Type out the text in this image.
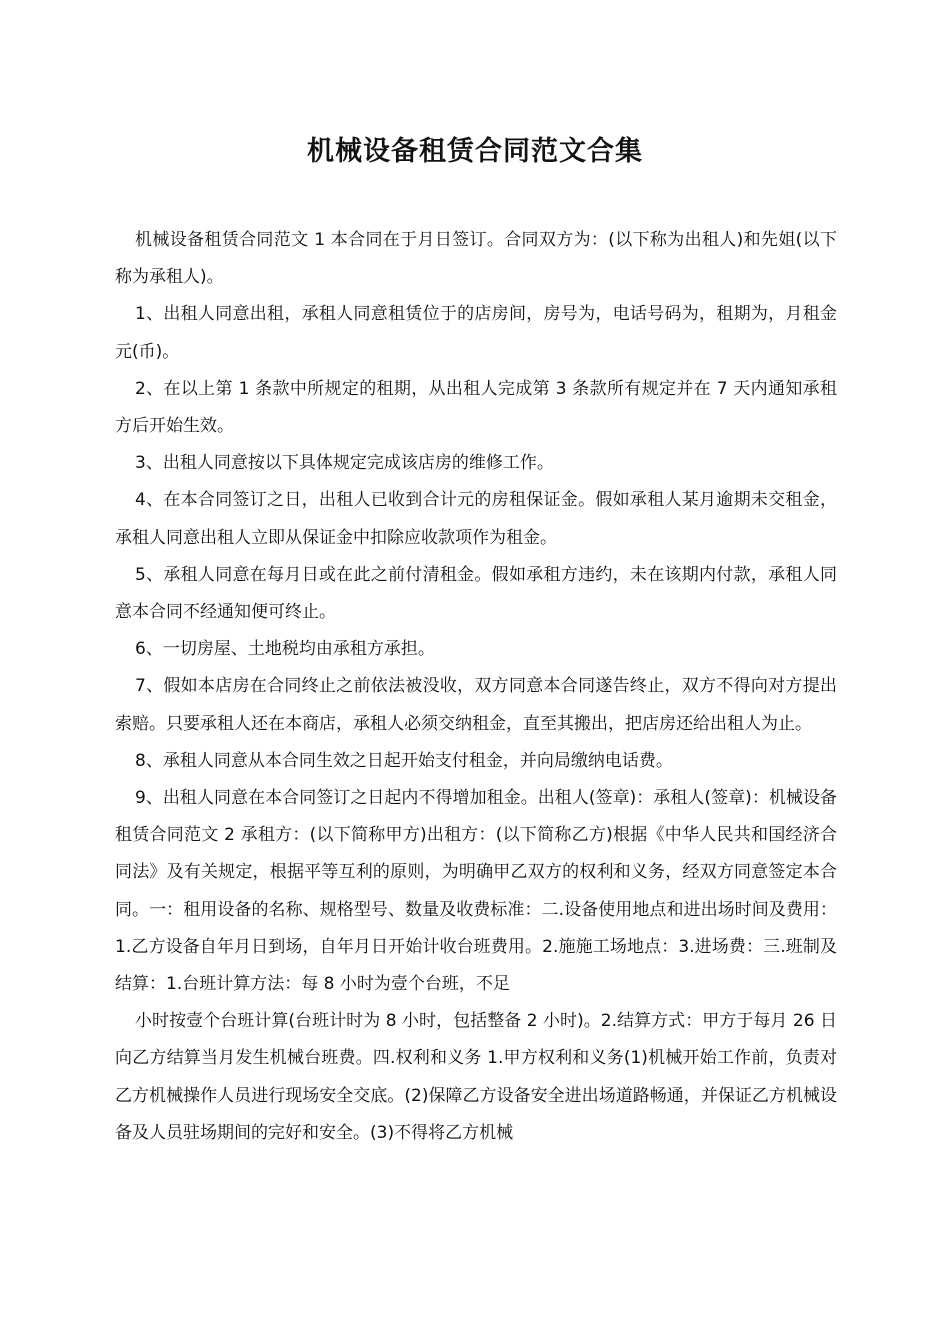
机械设备租赁合同范文合集

机械设备租赁合同范文 1 本合同在于月日签订。合同双方为：(以下称为出租人)和先姐(以下称为承租人)。

1、出租人同意出租，承租人同意租赁位于的店房间，房号为，电话号码为，租期为，月租金元(币)。

2、在以上第 1 条款中所规定的租期，从出租人完成第 3 条款所有规定并在 7 天内通知承租方后开始生效。

3、出租人同意按以下具体规定完成该店房的维修工作。

4、在本合同签订之日，出租人已收到合计元的房租保证金。假如承租人某月逾期未交租金，承租人同意出租人立即从保证金中扣除应收款项作为租金。

5、承租人同意在每月日或在此之前付清租金。假如承租方违约，未在该期内付款，承租人同意本合同不经通知便可终止。

6、一切房屋、土地税均由承租方承担。

7、假如本店房在合同终止之前依法被没收，双方同意本合同遂告终止，双方不得向对方提出索赔。只要承租人还在本商店，承租人必须交纳租金，直至其搬出，把店房还给出租人为止。

8、承租人同意从本合同生效之日起开始支付租金，并向局缴纳电话费。

9、出租人同意在本合同签订之日起内不得增加租金。出租人(签章)：承租人(签章)：机械设备租赁合同范文 2 承租方：(以下简称甲方)出租方：(以下简称乙方)根据《中华人民共和国经济合同法》及有关规定，根据平等互利的原则，为明确甲乙双方的权利和义务，经双方同意签定本合同。一：租用设备的名称、规格型号、数量及收费标准：二.设备使用地点和进出场时间及费用：1.乙方设备自年月日到场，自年月日开始计收台班费用。2.施施工场地点：3.进场费：三.班制及结算：1.台班计算方法：每 8 小时为壹个台班，不足

小时按壹个台班计算(台班计时为 8 小时，包括整备 2 小时)。2.结算方式：甲方于每月 26 日向乙方结算当月发生机械台班费。四.权利和义务 1.甲方权利和义务(1)机械开始工作前，负责对乙方机械操作人员进行现场安全交底。(2)保障乙方设备安全进出场道路畅通，并保证乙方机械设备及人员驻场期间的完好和安全。(3)不得将乙方机械
